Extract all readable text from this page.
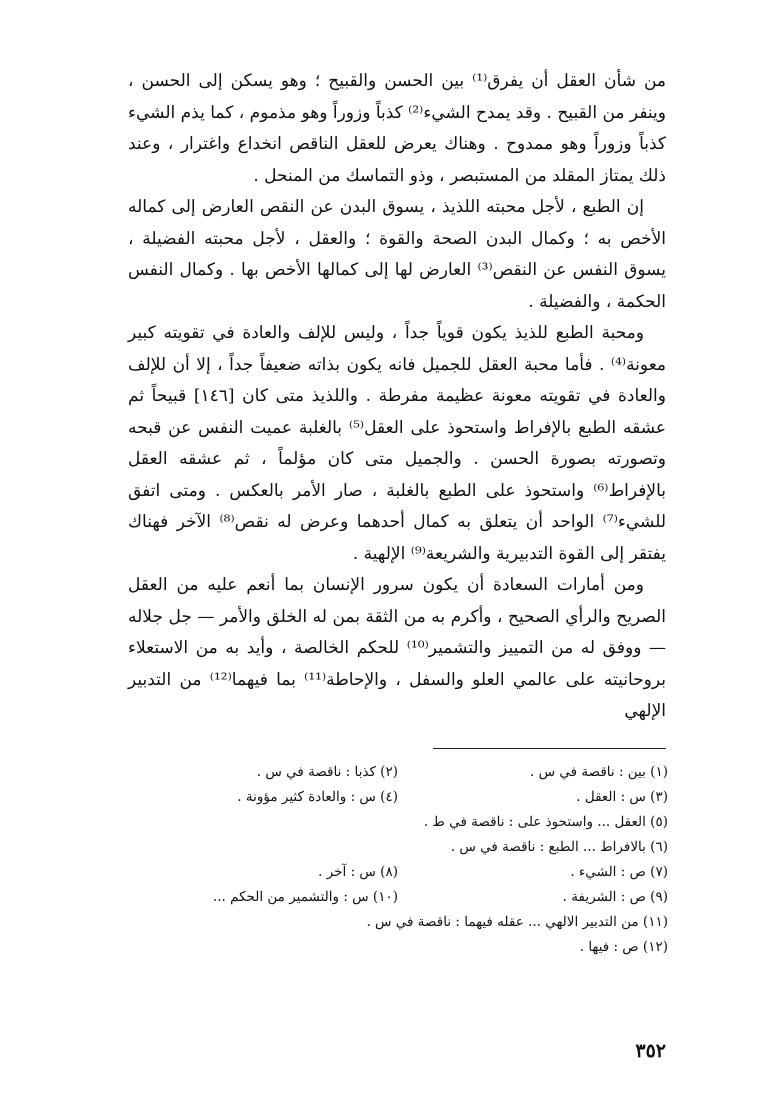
من شأن العقل أن يفرق⁽¹⁾ بين الحسن والقبيح ؛ وهو يسكن إلى الحسن ، وينفر من القبيح . وقد يمدح الشيء⁽²⁾ كذباً وزوراً وهو مذموم ، كما يذم الشيء كذباً وزوراً وهو ممدوح . وهناك يعرض للعقل الناقص انخداع واغترار ، وعند ذلك يمتاز المقلد من المستبصر ، وذو التماسك من المنحل .

إن الطبع ، لأجل محبته اللذيذ ، يسوق البدن عن النقص العارض إلى كماله الأخص به ؛ وكمال البدن الصحة والقوة ؛ والعقل ، لأجل محبته الفضيلة ، يسوق النفس عن النقص⁽³⁾ العارض لها إلى كمالها الأخص بها . وكمال النفس الحكمة ، والفضيلة .

ومحبة الطبع للذيذ يكون قوياً جداً ، وليس للإلف والعادة في تقويته كبير معونة⁽⁴⁾ . فأما محبة العقل للجميل فانه يكون بذاته ضعيفاً جداً ، إلا أن للإلف والعادة في تقويته معونة عظيمة مفرطة . واللذيذ متى كان [١٤٦] قبيحاً ثم عشقه الطبع بالإفراط واستحوذ على العقل⁽⁵⁾ بالغلبة عميت النفس عن قبحه وتصورته بصورة الحسن . والجميل متى كان مؤلماً ، ثم عشقه العقل بالإفراط⁽⁶⁾ واستحوذ على الطبع بالغلبة ، صار الأمر بالعكس . ومتى اتفق للشيء⁽⁷⁾ الواحد أن يتعلق به كمال أحدهما وعرض له نقص⁽⁸⁾ الآخر فهناك يفتقر إلى القوة التدبيرية والشريعة⁽⁹⁾ الإلهية .

ومن أمارات السعادة أن يكون سرور الإنسان بما أنعم عليه من العقل الصريح والرأي الصحيح ، وأكرم به من الثقة بمن له الخلق والأمر — جل جلاله — ووفق له من التمييز والتشمير⁽¹⁰⁾ للحكم الخالصة ، وأيد به من الاستعلاء بروحانيته على عالمي العلو والسفل ، والإحاطة⁽¹¹⁾ بما فيهما⁽¹²⁾ من التدبير الإلهي

(١) بين : ناقصة في س .
(٢) كذبا : ناقصة في س .
(٣) س : العقل .
(٤) س : والعادة كثير مؤونة .
(٥) العقل ... واستحوذ على : ناقصة في ط .
(٦) بالافراط ... الطبع : ناقصة في س .
(٧) ص : الشيء .
(٨) س : آخر .
(٩) ص : الشريفة .
(١٠) س : والتشمير من الحكم ...
(١١) من التدبير الالهي ... عقله فيهما : ناقصة في س .
(١٢) ص : فيها .
٣٥٢
